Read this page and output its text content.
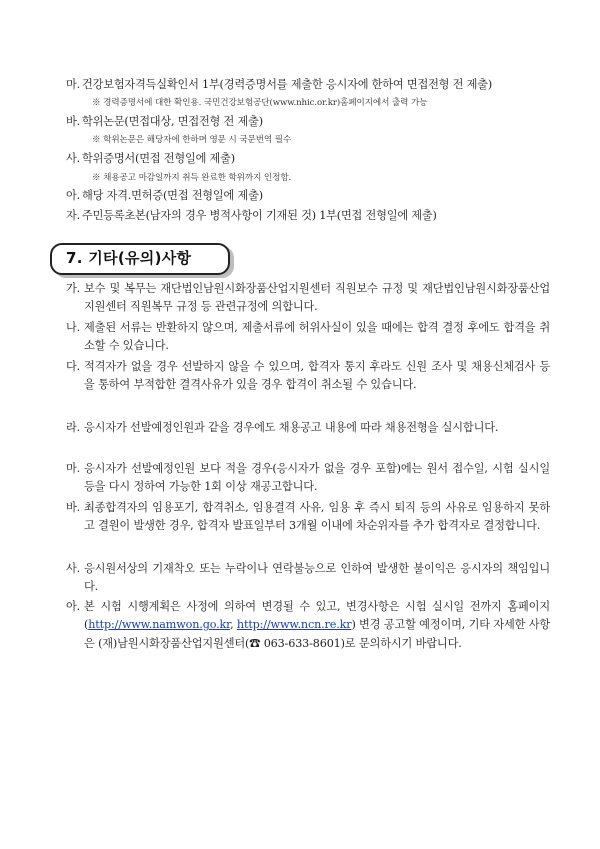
마. 건강보험자격득실확인서 1부(경력증명서를 제출한 응시자에 한하여 면접전형 전 제출)
※ 경력증명서에 대한 확인용. 국민건강보험공단(www.nhic.or.kr)홈페이지에서 출력 가능
바. 학위논문(면접대상, 면접전형 전 제출)
※ 학위논문은 해당자에 한하며 영문 시 국문번역 필수
사. 학위증명서(면접 전형일에 제출)
※ 채용공고 마감일까지 취득 완료한 학위까지 인정함.
아. 해당 자격.면허증(면접 전형일에 제출)
자. 주민등록초본(남자의 경우 병적사항이 기재된 것) 1부(면접 전형일에 제출)
7. 기타(유의)사항
가. 보수 및 복무는 재단법인남원시화장품산업지원센터 직원보수 규정 및 재단법인남원시화장품산업지원센터 직원복무 규정 등 관련규정에 의합니다.
나. 제출된 서류는 반환하지 않으며, 제출서류에 허위사실이 있을 때에는 합격 결정 후에도 합격을 취소할 수 있습니다.
다. 적격자가 없을 경우 선발하지 않을 수 있으며, 합격자 통지 후라도 신원 조사 및 채용신체검사 등을 통하여 부적합한 결격사유가 있을 경우 합격이 취소될 수 있습니다.
라. 응시자가 선발예정인원과 같을 경우에도 채용공고 내용에 따라 채용전형을 실시합니다.
마. 응시자가 선발예정인원 보다 적을 경우(응시자가 없을 경우 포함)에는 원서 접수일, 시험 실시일 등을 다시 정하여 가능한 1회 이상 재공고합니다.
바. 최종합격자의 임용포기, 합격취소, 임용결격 사유, 임용 후 즉시 퇴직 등의 사유로 임용하지 못하고 결원이 발생한 경우, 합격자 발표일부터 3개월 이내에 차순위자를 추가 합격자로 결정합니다.
사. 응시원서상의 기재착오 또는 누락이나 연락불능으로 인하여 발생한 불이익은 응시자의 책임입니다.
아. 본 시험 시행계획은 사정에 의하여 변경될 수 있고, 변경사항은 시험 실시일 전까지 홈페이지(http://www.namwon.go.kr, http://www.ncn.re.kr) 변경 공고할 예정이며, 기타 자세한 사항은 (재)남원시화장품산업지원센터(☎ 063-633-8601)로 문의하시기 바랍니다.
